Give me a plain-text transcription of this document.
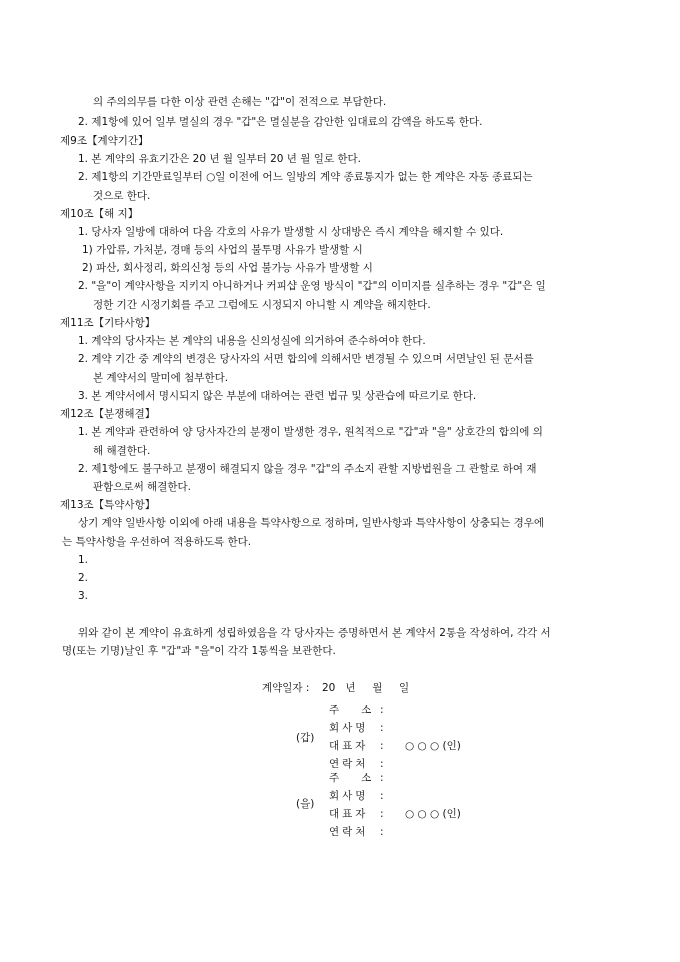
의 주의의무를 다한 이상 관련 손해는 "갑"이 전적으로 부담한다.
2. 제1항에 있어 일부 멸실의 경우 "갑"은 멸실분을 감안한 임대료의 감액을 하도록 한다.
제9조【계약기간】
1. 본 계약의 유효기간은 20 년 월 일부터 20 년 월 일로 한다.
2. 제1항의 기간만료일부터 ○일 이전에 어느 일방의 계약 종료통지가 없는 한 계약은 자동 종료되는
것으로 한다.
제10조【해 지】
1. 당사자 일방에 대하여 다음 각호의 사유가 발생할 시 상대방은 즉시 계약을 해지할 수 있다.
1) 가압류, 가처분, 경매 등의 사업의 불투명 사유가 발생할 시
2) 파산, 회사정리, 화의신청 등의 사업 불가능 사유가 발생할 시
2. "을"이 계약사항을 지키지 아니하거나 커피샵 운영 방식이 "갑"의 이미지를 실추하는 경우 "갑"은 일
정한 기간 시정기회를 주고 그럼에도 시정되지 아니할 시 계약을 해지한다.
제11조【기타사항】
1. 계약의 당사자는 본 계약의 내용을 신의성실에 의거하여 준수하여야 한다.
2. 계약 기간 중 계약의 변경은 당사자의 서면 합의에 의해서만 변경될 수 있으며 서면날인 된 문서를
본 계약서의 말미에 첨부한다.
3. 본 계약서에서 명시되지 않은 부분에 대하여는 관련 법규 및 상관습에 따르기로 한다.
제12조【분쟁해결】
1. 본 계약과 관련하여 양 당사자간의 분쟁이 발생한 경우, 원칙적으로 "갑"과 "을" 상호간의 합의에 의
해 해결한다.
2. 제1항에도 불구하고 분쟁이 해결되지 않을 경우 "갑"의 주소지 관할 지방법원을 그 관할로 하여 재
판함으로써 해결한다.
제13조【특약사항】
상기 계약 일반사항 이외에 아래 내용을 특약사항으로 정하며, 일반사항과 특약사항이 상충되는 경우에
는 특약사항을 우선하여 적용하도록 한다.
1.
2.
3.
위와 같이 본 계약이 유효하게 성립하였음을 각 당사자는 증명하면서 본 계약서 2통을 작성하여, 각각 서
명(또는 기명)날인 후 "갑"과 "을"이 각각 1통씩을 보관한다.
계약일자 : 20   년     월     일
(갑)
주   소 :
회사명 :
대표자 : ○ ○ ○ (인)
연락처 :
(을)
주   소 :
회사명 :
대표자 : ○ ○ ○ (인)
연락처 :
